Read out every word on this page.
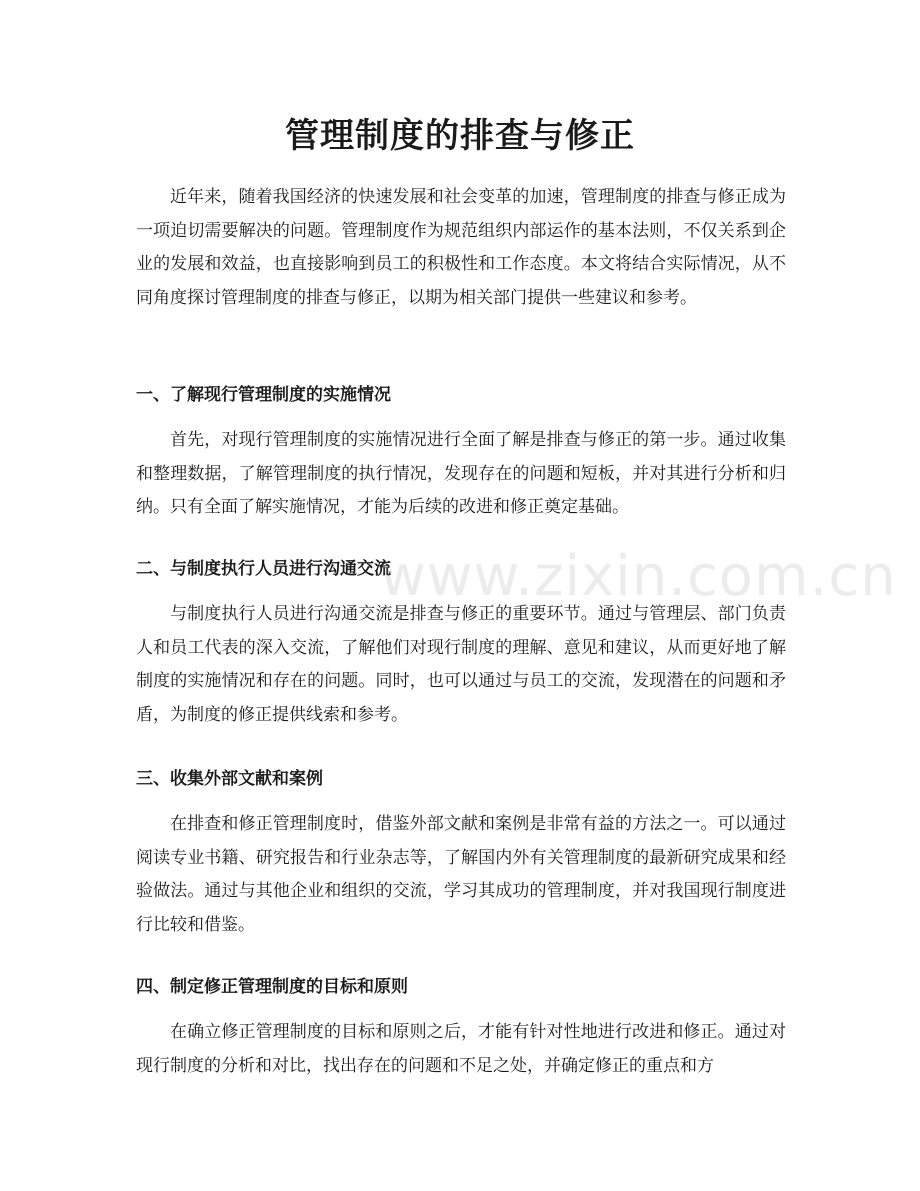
管理制度的排查与修正

近年来，随着我国经济的快速发展和社会变革的加速，管理制度的排查与修正成为一项迫切需要解决的问题。管理制度作为规范组织内部运作的基本法则，不仅关系到企业的发展和效益，也直接影响到员工的积极性和工作态度。本文将结合实际情况，从不同角度探讨管理制度的排查与修正，以期为相关部门提供一些建议和参考。

一、了解现行管理制度的实施情况

首先，对现行管理制度的实施情况进行全面了解是排查与修正的第一步。通过收集和整理数据，了解管理制度的执行情况，发现存在的问题和短板，并对其进行分析和归纳。只有全面了解实施情况，才能为后续的改进和修正奠定基础。

二、与制度执行人员进行沟通交流

与制度执行人员进行沟通交流是排查与修正的重要环节。通过与管理层、部门负责人和员工代表的深入交流，了解他们对现行制度的理解、意见和建议，从而更好地了解制度的实施情况和存在的问题。同时，也可以通过与员工的交流，发现潜在的问题和矛盾，为制度的修正提供线索和参考。

三、收集外部文献和案例

在排查和修正管理制度时，借鉴外部文献和案例是非常有益的方法之一。可以通过阅读专业书籍、研究报告和行业杂志等，了解国内外有关管理制度的最新研究成果和经验做法。通过与其他企业和组织的交流，学习其成功的管理制度，并对我国现行制度进行比较和借鉴。

四、制定修正管理制度的目标和原则

在确立修正管理制度的目标和原则之后，才能有针对性地进行改进和修正。通过对现行制度的分析和对比，找出存在的问题和不足之处，并确定修正的重点和方

www.zixin.com.cn
